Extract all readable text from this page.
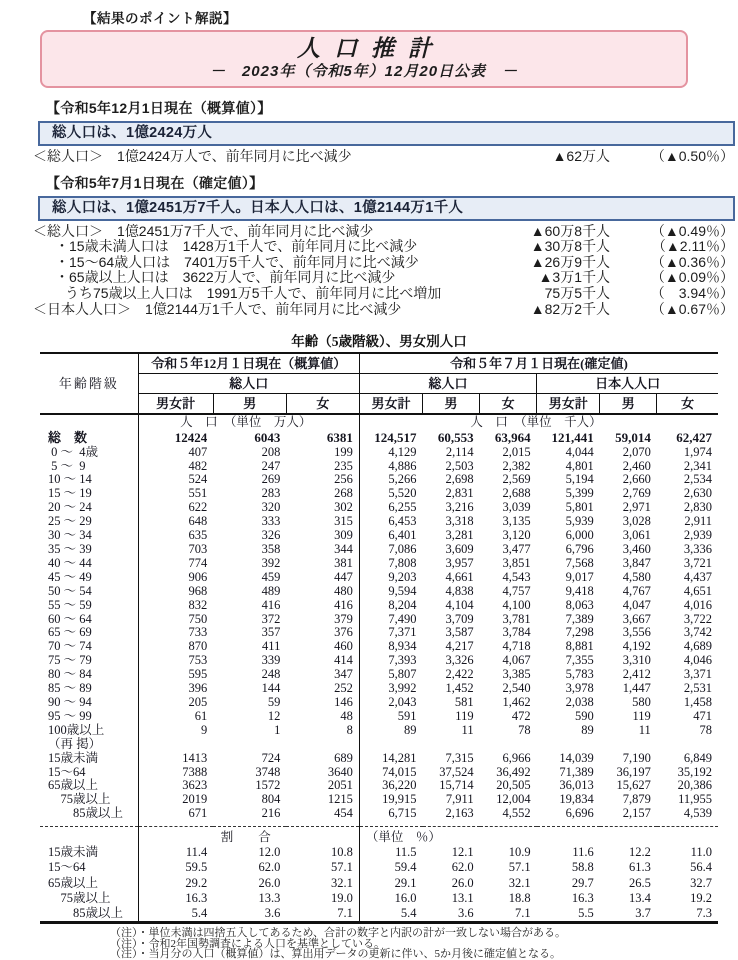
【結果のポイント解説】
人口推計
－　2023年（令和5年）12月20日公表　－
【令和5年12月1日現在（概算値）】
総人口は、1億2424万人
＜総人口＞　1億2424万人で、前年同月に比べ減少	▲62万人	（▲0.50％）
【令和5年7月1日現在（確定値）】
総人口は、1億2451万7千人。日本人人口は、1億2144万1千人
＜総人口＞　1億2451万7千人で、前年同月に比べ減少	▲60万8千人	（▲0.49％）
・15歳未満人口は　1428万1千人で、前年同月に比べ減少	▲30万8千人	（▲2.11％）
・15～64歳人口は　7401万5千人で、前年同月に比べ減少	▲26万9千人	（▲0.36％）
・65歳以上人口は　3622万人で、前年同月に比べ減少	▲3万1千人	（▲0.09％）
うち75歳以上人口は　1991万5千人で、前年同月に比べ増加	75万5千人	（　3.94％）
＜日本人人口＞　1億2144万1千人で、前年同月に比べ減少	▲82万2千人	（▲0.67％）
年齢（5歳階級）、男女別人口
年齢階級	令和５年12月１日現在（概算値）			令和５年７月１日現在(確定値)					
	総人口			総人口			日本人人口		
	男女計	男	女	男女計	男	女	男女計	男	女
	人　口　（単位　万人）			人　口　（単位　千人）					
総　数	12424	6043	6381	124,517	60,553	63,964	121,441	59,014	62,427
0 ～  4歳	407	208	199	4,129	2,114	2,015	4,044	2,070	1,974
5 ～  9	482	247	235	4,886	2,503	2,382	4,801	2,460	2,341
10 ～ 14	524	269	256	5,266	2,698	2,569	5,194	2,660	2,534
15 ～ 19	551	283	268	5,520	2,831	2,688	5,399	2,769	2,630
20 ～ 24	622	320	302	6,255	3,216	3,039	5,801	2,971	2,830
25 ～ 29	648	333	315	6,453	3,318	3,135	5,939	3,028	2,911
30 ～ 34	635	326	309	6,401	3,281	3,120	6,000	3,061	2,939
35 ～ 39	703	358	344	7,086	3,609	3,477	6,796	3,460	3,336
40 ～ 44	774	392	381	7,808	3,957	3,851	7,568	3,847	3,721
45 ～ 49	906	459	447	9,203	4,661	4,543	9,017	4,580	4,437
50 ～ 54	968	489	480	9,594	4,838	4,757	9,418	4,767	4,651
55 ～ 59	832	416	416	8,204	4,104	4,100	8,063	4,047	4,016
60 ～ 64	750	372	379	7,490	3,709	3,781	7,389	3,667	3,722
65 ～ 69	733	357	376	7,371	3,587	3,784	7,298	3,556	3,742
70 ～ 74	870	411	460	8,934	4,217	4,718	8,881	4,192	4,689
75 ～ 79	753	339	414	7,393	3,326	4,067	7,355	3,310	4,046
80 ～ 84	595	248	347	5,807	2,422	3,385	5,783	2,412	3,371
85 ～ 89	396	144	252	3,992	1,452	2,540	3,978	1,447	2,531
90 ～ 94	205	59	146	2,043	581	1,462	2,038	580	1,458
95 ～ 99	61	12	48	591	119	472	590	119	471
100歳以上	9	1	8	89	11	78	89	11	78
（再 掲）									
15歳未満	1413	724	689	14,281	7,315	6,966	14,039	7,190	6,849
15～64	7388	3748	3640	74,015	37,524	36,492	71,389	36,197	35,192
65歳以上	3623	1572	2051	36,220	15,714	20,505	36,013	15,627	20,386
　75歳以上	2019	804	1215	19,915	7,911	12,004	19,834	7,879	11,955
　　85歳以上	671	216	454	6,715	2,163	4,552	6,696	2,157	4,539
	割　　合			（単位　％）					
15歳未満	11.4	12.0	10.8	11.5	12.1	10.9	11.6	12.2	11.0
15～64	59.5	62.0	57.1	59.4	62.0	57.1	58.8	61.3	56.4
65歳以上	29.2	26.0	32.1	29.1	26.0	32.1	29.7	26.5	32.7
　75歳以上	16.3	13.3	19.0	16.0	13.1	18.8	16.3	13.4	19.2
　　85歳以上	5.4	3.6	7.1	5.4	3.6	7.1	5.5	3.7	7.3
（注）・単位未満は四捨五入してあるため、合計の数字と内訳の計が一致しない場合がある。
（注）・令和2年国勢調査による人口を基準としている。
（注）・当月分の人口（概算値）は、算出用データの更新に伴い、5か月後に確定値となる。
